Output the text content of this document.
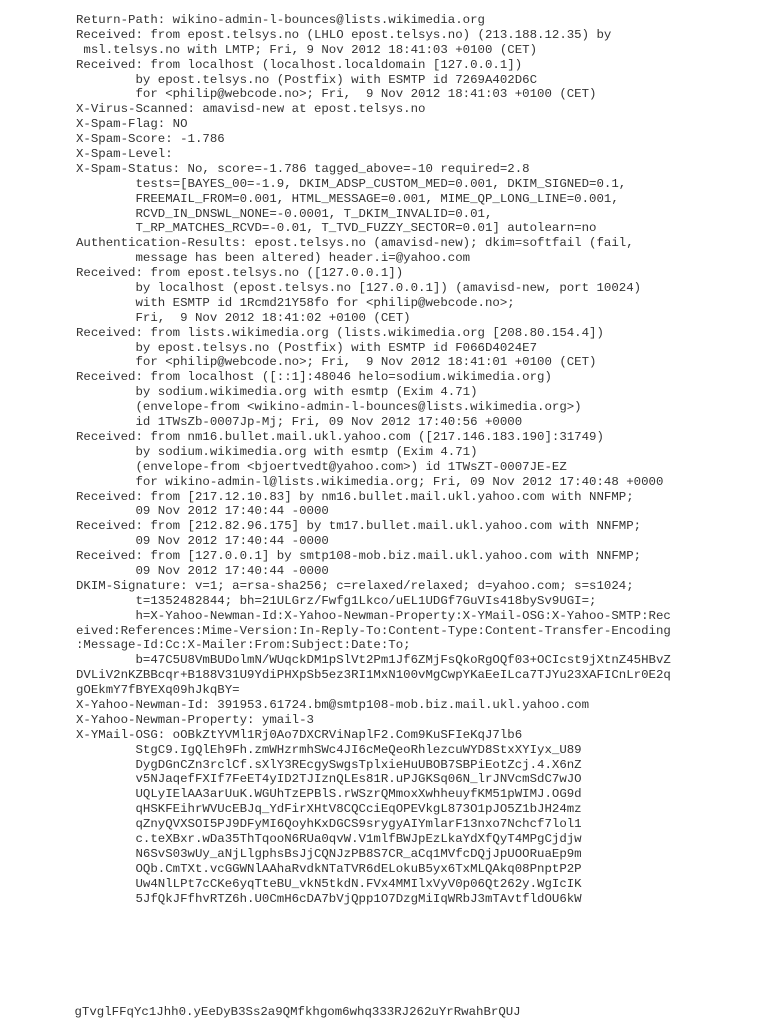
Return-Path: wikino-admin-l-bounces@lists.wikimedia.org
Received: from epost.telsys.no (LHLO epost.telsys.no) (213.188.12.35) by
msl.telsys.no with LMTP; Fri, 9 Nov 2012 18:41:03 +0100 (CET)
Received: from localhost (localhost.localdomain [127.0.0.1])
by epost.telsys.no (Postfix) with ESMTP id 7269A402D6C
for <philip@webcode.no>; Fri,  9 Nov 2012 18:41:03 +0100 (CET)
X-Virus-Scanned: amavisd-new at epost.telsys.no
X-Spam-Flag: NO
X-Spam-Score: -1.786
X-Spam-Level:
X-Spam-Status: No, score=-1.786 tagged_above=-10 required=2.8
tests=[BAYES_00=-1.9, DKIM_ADSP_CUSTOM_MED=0.001, DKIM_SIGNED=0.1,
FREEMAIL_FROM=0.001, HTML_MESSAGE=0.001, MIME_QP_LONG_LINE=0.001,
RCVD_IN_DNSWL_NONE=-0.0001, T_DKIM_INVALID=0.01,
T_RP_MATCHES_RCVD=-0.01, T_TVD_FUZZY_SECTOR=0.01] autolearn=no
Authentication-Results: epost.telsys.no (amavisd-new); dkim=softfail (fail,
message has been altered) header.i=@yahoo.com
Received: from epost.telsys.no ([127.0.0.1])
by localhost (epost.telsys.no [127.0.0.1]) (amavisd-new, port 10024)
with ESMTP id 1Rcmd21Y58fo for <philip@webcode.no>;
Fri,  9 Nov 2012 18:41:02 +0100 (CET)
Received: from lists.wikimedia.org (lists.wikimedia.org [208.80.154.4])
by epost.telsys.no (Postfix) with ESMTP id F066D4024E7
for <philip@webcode.no>; Fri,  9 Nov 2012 18:41:01 +0100 (CET)
Received: from localhost ([::1]:48046 helo=sodium.wikimedia.org)
by sodium.wikimedia.org with esmtp (Exim 4.71)
(envelope-from <wikino-admin-l-bounces@lists.wikimedia.org>)
id 1TWsZb-0007Jp-Mj; Fri, 09 Nov 2012 17:40:56 +0000
Received: from nm16.bullet.mail.ukl.yahoo.com ([217.146.183.190]:31749)
by sodium.wikimedia.org with esmtp (Exim 4.71)
(envelope-from <bjoertvedt@yahoo.com>) id 1TWsZT-0007JE-EZ
for wikino-admin-l@lists.wikimedia.org; Fri, 09 Nov 2012 17:40:48 +0000
Received: from [217.12.10.83] by nm16.bullet.mail.ukl.yahoo.com with NNFMP;
09 Nov 2012 17:40:44 -0000
Received: from [212.82.96.175] by tm17.bullet.mail.ukl.yahoo.com with NNFMP;
09 Nov 2012 17:40:44 -0000
Received: from [127.0.0.1] by smtp108-mob.biz.mail.ukl.yahoo.com with NNFMP;
09 Nov 2012 17:40:44 -0000
DKIM-Signature: v=1; a=rsa-sha256; c=relaxed/relaxed; d=yahoo.com; s=s1024;
t=1352482844; bh=21ULGrz/Fwfg1Lkco/uEL1UDGf7GuVIs418bySv9UGI=;
h=X-Yahoo-Newman-Id:X-Yahoo-Newman-Property:X-YMail-OSG:X-Yahoo-SMTP:Rec
eived:References:Mime-Version:In-Reply-To:Content-Type:Content-Transfer-Encoding
:Message-Id:Cc:X-Mailer:From:Subject:Date:To;
b=47C5U8VmBUDolmN/WUqckDM1pSlVt2Pm1Jf6ZMjFsQkoRgOQf03+OCIcst9jXtnZ45HBvZ
DVLiV2nKZBBcqr+B188V31U9YdiPHXpSb5ez3RI1MxN100vMgCwpYKaEeILca7TJYu23XAFICnLr0E2q
gOEkmY7fBYEXq09hJkqBY=
X-Yahoo-Newman-Id: 391953.61724.bm@smtp108-mob.biz.mail.ukl.yahoo.com
X-Yahoo-Newman-Property: ymail-3
X-YMail-OSG: oOBkZtYVMl1Rj0Ao7DXCRViNaplF2.Com9KuSFIeKqJ7lb6
StgC9.IgQlEh9Fh.zmWHzrmhSWc4JI6cMeQeoRhlezcuWYD8StxXYIyx_U89
DygDGnCZn3rclCf.sXlY3REcgySwgsTplxieHuUBOB7SBPiEotZcj.4.X6nZ
v5NJaqefFXIf7FeET4yID2TJIznQLEs81R.uPJGKSq06N_lrJNVcmSdC7wJO
UQLyIElAA3arUuK.WGUhTzEPBlS.rWSzrQMmoxXwhheuyfKM51pWIMJ.OG9d
qHSKFEihrWVUcEBJq_YdFirXHtV8CQCciEqOPEVkgL873O1pJO5Z1bJH24mz
qZnyQVXSOI5PJ9DFyMI6QoyhKxDGCS9srygyAIYmlarF13nxo7Nchcf7lol1
c.teXBxr.wDa35ThTqooN6RUa0qvW.V1mlfBWJpEzLkaYdXfQyT4MPgCjdjw
N6SvS03wUy_aNjLlgphsBsJjCQNJzPB8S7CR_aCq1MVfcDQjJpUOORuaEp9m
OQb.CmTXt.vcGGWNlAAhaRvdkNTaTVR6dELokuB5yx6TxMLQAkq08PnptP2P
Uw4NlLPt7cCKe6yqTteBU_vkN5tkdN.FVx4MMIlxVyV0p06Qt262y.WgIcIK
5JfQkJFfhvRTZ6h.U0CmH6cDA7bVjQpp1O7DzgMiIqWRbJ3mTAvtfldOU6kW
gTvglFFqYc1Jhh0.yEeDyB3Ss2a9QMfkhgom6whq333RJ262uYrRwahBrQUJ
